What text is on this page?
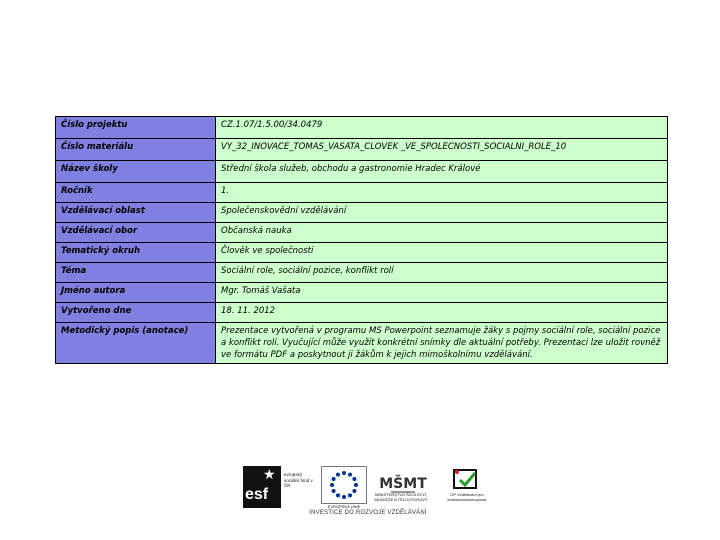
Číslo projektu	CZ.1.07/1.5.00/34.0479
Číslo materiálu	VY_32_INOVACE_TOMAS_VASATA_CLOVEK _VE_SPOLECNOSTI_SOCIALNI_ROLE_10
Název školy	Střední škola služeb, obchodu a gastronomie Hradec Králové
Ročník	1.
Vzdělávací oblast	Společenskovědní vzdělávání
Vzdělávací obor	Občanská nauka
Tematický okruh	Člověk ve společnosti
Téma	Sociální role, sociální pozice, konflikt rolí
Jméno autora	Mgr. Tomáš Vašata
Vytvořeno dne	18. 11. 2012
Metodický popis (anotace)	Prezentace vytvořená v programu MS Powerpoint seznamuje žáky s pojmy sociální role, sociální pozice a konflikt rolí. Vyučující může využít konkrétní snímky dle aktuální potřeby. Prezentaci lze uložit rovněž ve formátu PDF a poskytnout ji žákům k jejich mimoškolnímu vzdělávání.
★
esf
evropský sociální fond v ČR
EVROPSKÁ UNIE
MŠMT
MINISTERSTVO ŠKOLSTVÍ, MLÁDEŽE A TĚLOVÝCHOVY
OP Vzdělávání pro konkurenceschopnost
INVESTICE DO ROZVOJE VZDĚLÁVÁNÍ
